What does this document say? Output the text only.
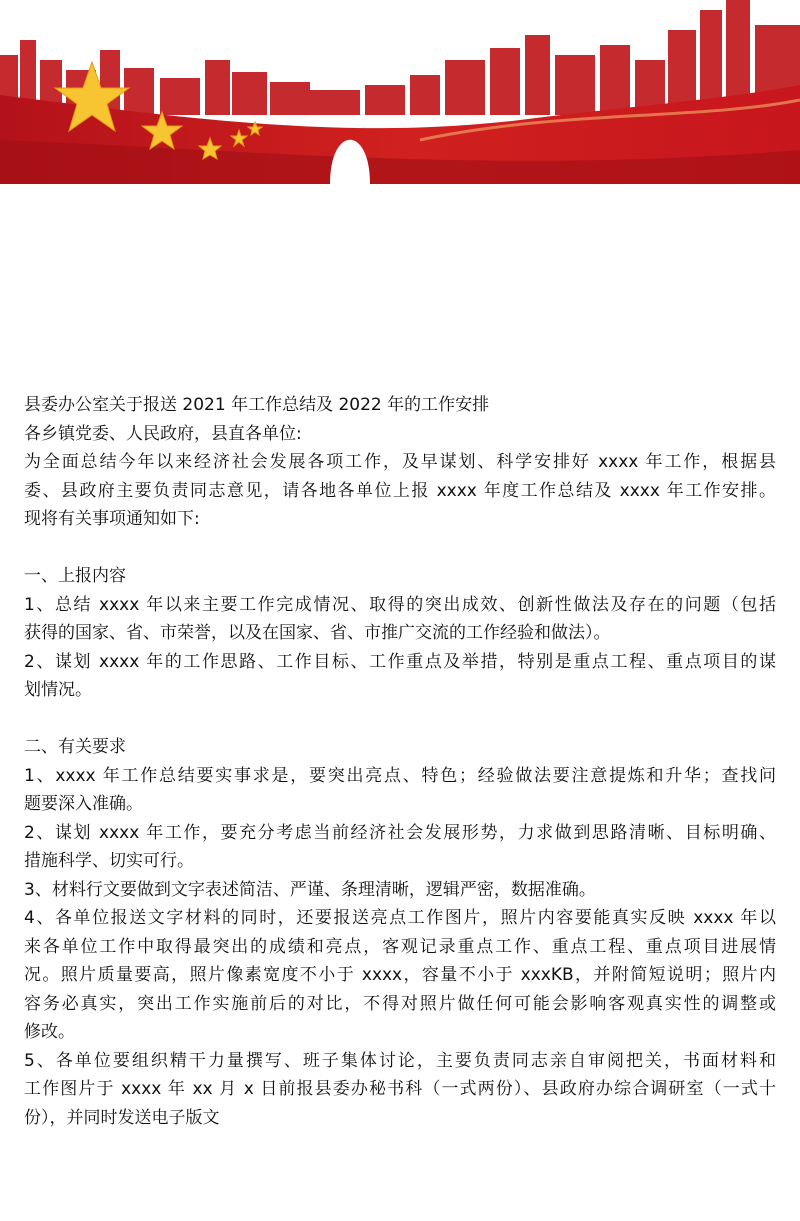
县委办公室关于报送 2021 年工作总结及 2022 年的工作安排
各乡镇党委、人民政府，县直各单位:
为全面总结今年以来经济社会发展各项工作，及早谋划、科学安排好 xxxx 年工作，根据县
委、县政府主要负责同志意见，请各地各单位上报 xxxx 年度工作总结及 xxxx 年工作安排。
现将有关事项通知如下:
一、上报内容
1、总结 xxxx 年以来主要工作完成情况、取得的突出成效、创新性做法及存在的问题（包括
获得的国家、省、市荣誉，以及在国家、省、市推广交流的工作经验和做法）。
2、谋划 xxxx 年的工作思路、工作目标、工作重点及举措，特别是重点工程、重点项目的谋
划情况。
二、有关要求
1、xxxx 年工作总结要实事求是，要突出亮点、特色；经验做法要注意提炼和升华；查找问
题要深入准确。
2、谋划 xxxx 年工作，要充分考虑当前经济社会发展形势，力求做到思路清晰、目标明确、
措施科学、切实可行。
3、材料行文要做到文字表述简洁、严谨、条理清晰，逻辑严密，数据准确。
4、各单位报送文字材料的同时，还要报送亮点工作图片，照片内容要能真实反映 xxxx 年以
来各单位工作中取得最突出的成绩和亮点，客观记录重点工作、重点工程、重点项目进展情
况。照片质量要高，照片像素宽度不小于 xxxx，容量不小于 xxxKB，并附简短说明；照片内
容务必真实，突出工作实施前后的对比，不得对照片做任何可能会影响客观真实性的调整或
修改。
5、各单位要组织精干力量撰写、班子集体讨论，主要负责同志亲自审阅把关，书面材料和
工作图片于 xxxx 年 xx 月 x 日前报县委办秘书科（一式两份）、县政府办综合调研室（一式十
份），并同时发送电子版文
